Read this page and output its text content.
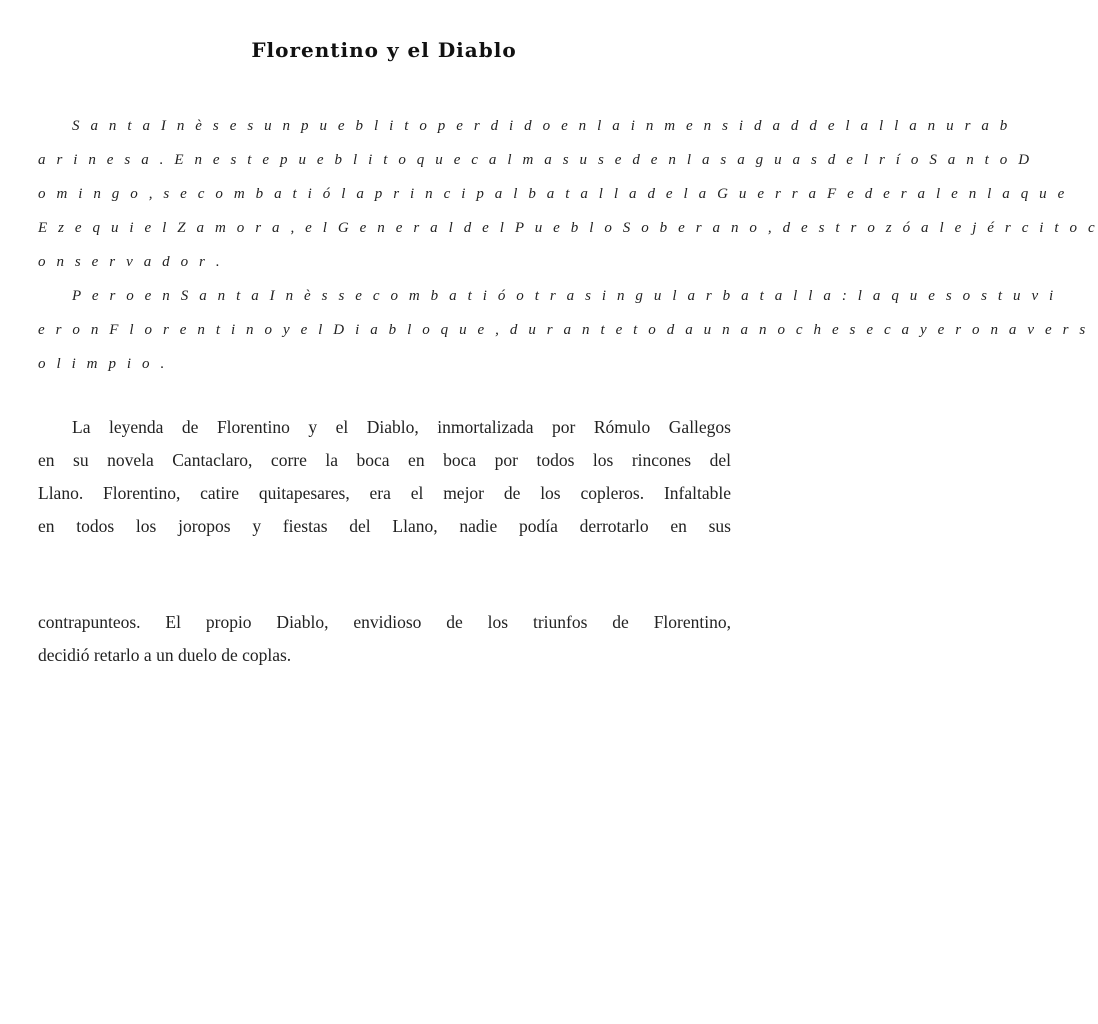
Florentino y el Diablo
S a n t a I n è s e s u n p u e b l i t o p e r d i d o e n l a i n m e n s i d a d d e l a l l a n u r a b
a r i n e s a . E n e s t e p u e b l i t o q u e c a l m a s u s e d e n l a s a g u a s d e l r í o S a n t o D
o m i n g o , s e c o m b a t i ó l a p r i n c i p a l b a t a l l a d e l a G u e r r a F e d e r a l e n l a q u e
E z e q u i e l Z a m o r a , e l G e n e r a l d e l P u e b l o S o b e r a n o , d e s t r o z ó a l e j é r c i t o c
o n s e r v a d o r .
P e r o e n S a n t a I n è s s e c o m b a t i ó o t r a s i n g u l a r b a t a l l a : l a q u e s o s t u v i
e r o n F l o r e n t i n o y e l D i a b l o q u e , d u r a n t e t o d a u n a n o c h e s e c a y e r o n a v e r s
o l i m p i o .
La leyenda de Florentino y el Diablo, inmortalizada por Rómulo Gallegos
en su novela Cantaclaro, corre la boca en boca por todos los rincones del
Llano. Florentino, catire quitapesares, era el mejor de los copleros. Infaltable
en todos los joropos y fiestas del Llano, nadie podía derrotarlo en sus
contrapunteos. El propio Diablo, envidioso de los triunfos de Florentino,
decidió retarlo a un duelo de coplas.
